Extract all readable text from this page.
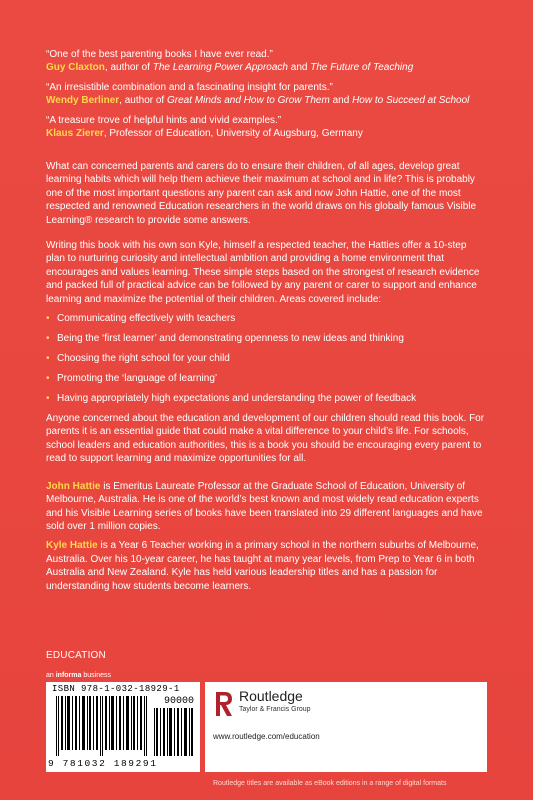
“One of the best parenting books I have ever read.”
Guy Claxton, author of The Learning Power Approach and The Future of Teaching
“An irresistible combination and a fascinating insight for parents.”
Wendy Berliner, author of Great Minds and How to Grow Them and How to Succeed at School
“A treasure trove of helpful hints and vivid examples.”
Klaus Zierer, Professor of Education, University of Augsburg, Germany
What can concerned parents and carers do to ensure their children, of all ages, develop great learning habits which will help them achieve their maximum at school and in life? This is probably one of the most important questions any parent can ask and now John Hattie, one of the most respected and renowned Education researchers in the world draws on his globally famous Visible Learning® research to provide some answers.
Writing this book with his own son Kyle, himself a respected teacher, the Hatties offer a 10-step plan to nurturing curiosity and intellectual ambition and providing a home environment that encourages and values learning. These simple steps based on the strongest of research evidence and packed full of practical advice can be followed by any parent or carer to support and enhance learning and maximize the potential of their children. Areas covered include:
• Communicating effectively with teachers
• Being the ‘first learner’ and demonstrating openness to new ideas and thinking
• Choosing the right school for your child
• Promoting the ‘language of learning’
• Having appropriately high expectations and understanding the power of feedback
Anyone concerned about the education and development of our children should read this book. For parents it is an essential guide that could make a vital difference to your child’s life. For schools, school leaders and education authorities, this is a book you should be encouraging every parent to read to support learning and maximize opportunities for all.
John Hattie is Emeritus Laureate Professor at the Graduate School of Education, University of Melbourne, Australia. He is one of the world’s best known and most widely read education experts and his Visible Learning series of books have been translated into 29 different languages and have sold over 1 million copies.
Kyle Hattie is a Year 6 Teacher working in a primary school in the northern suburbs of Melbourne, Australia. Over his 10-year career, he has taught at many year levels, from Prep to Year 6 in both Australia and New Zealand. Kyle has held various leadership titles and has a passion for understanding how students become learners.
EDUCATION
an informa business
ISBN 978-1-032-18929-1
90000
9 781032 189291
Routledge
Taylor & Francis Group
www.routledge.com/education
Routledge titles are available as eBook editions in a range of digital formats
